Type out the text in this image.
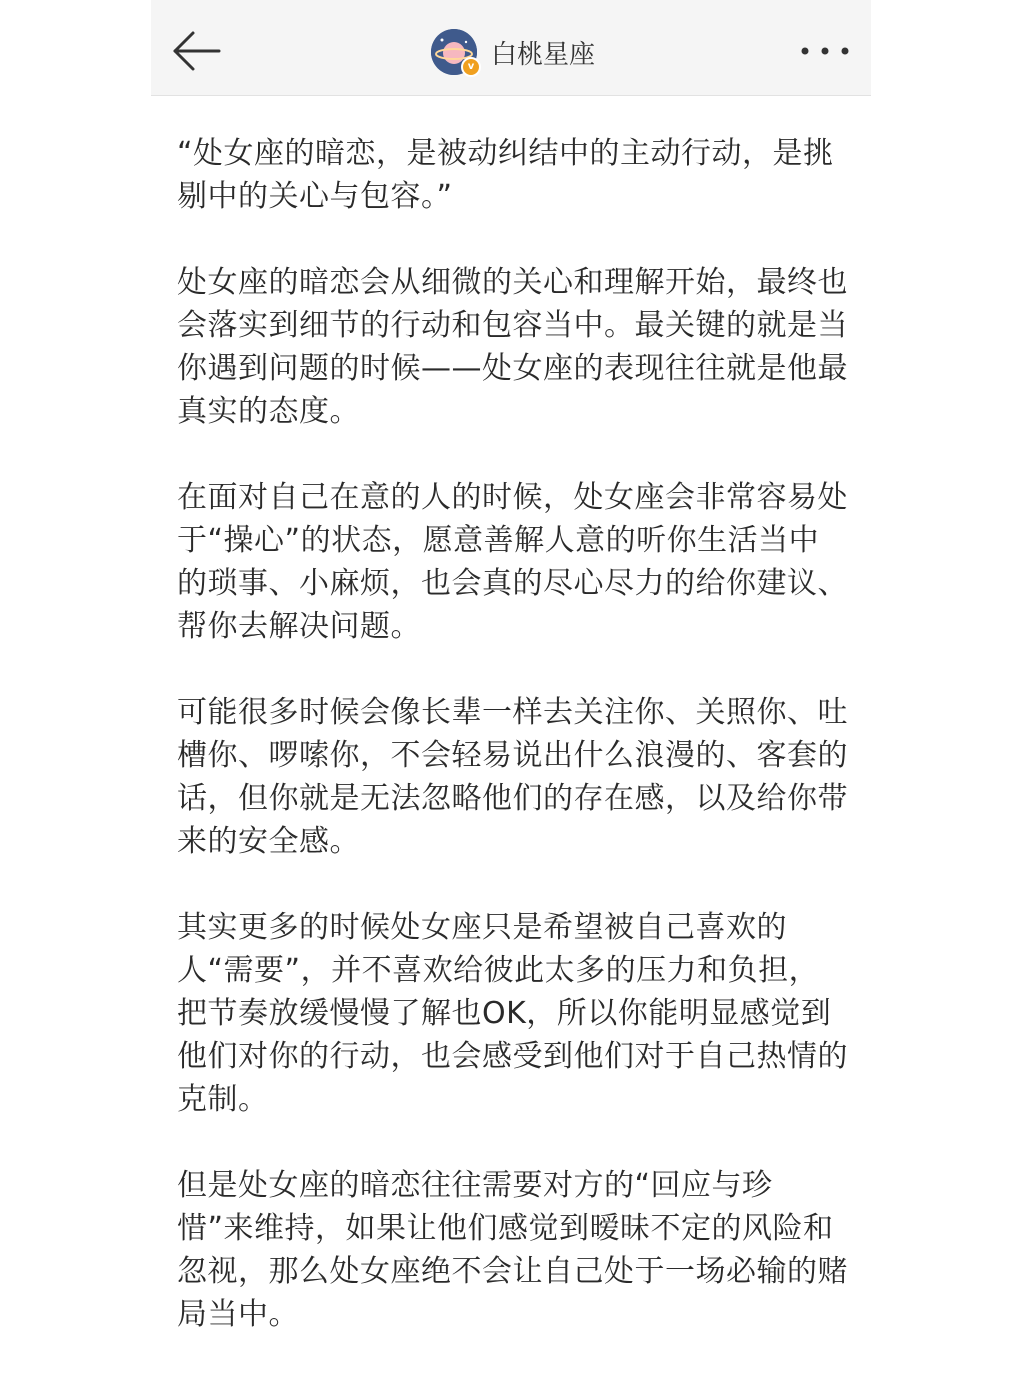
v 白桃星座

“处女座的暗恋，是被动纠结中的主动行动，是挑剔中的关心与包容。”

处女座的暗恋会从细微的关心和理解开始，最终也会落实到细节的行动和包容当中。最关键的就是当你遇到问题的时候——处女座的表现往往就是他最真实的态度。

在面对自己在意的人的时候，处女座会非常容易处于“操心”的状态，愿意善解人意的听你生活当中的琐事、小麻烦，也会真的尽心尽力的给你建议、帮你去解决问题。

可能很多时候会像长辈一样去关注你、关照你、吐槽你、啰嗦你，不会轻易说出什么浪漫的、客套的话，但你就是无法忽略他们的存在感，以及给你带来的安全感。

其实更多的时候处女座只是希望被自己喜欢的人“需要”，并不喜欢给彼此太多的压力和负担，把节奏放缓慢慢了解也OK，所以你能明显感觉到他们对你的行动，也会感受到他们对于自己热情的克制。

但是处女座的暗恋往往需要对方的“回应与珍惜”来维持，如果让他们感觉到暧昧不定的风险和忽视，那么处女座绝不会让自己处于一场必输的赌局当中。
